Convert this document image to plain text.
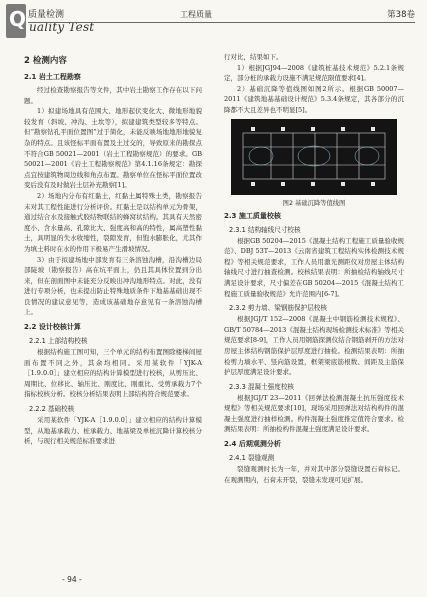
Q 质量检测
uality Test
工程质量	第38卷
2 检测内容
2.1 岩土工程勘察

经过检查勘察报告等文件，其中岩土勘察工作存在以下问题。

1）拟建场地具有范围大、地形起伏变化大、微地形地貌较发育（斜坡、冲沟、土坎等），拟建建筑类型较多等特点。但“勘察钻孔平面位置图”过于简化，未能反映场地地形地貌复杂的特点。且该怪标平面布置及土过交的，导致原来的勘探点不符合GB 50021—2001（岩土工程勘察规范）的要求。GB 50021—2001《岩土工程勘察规范》第4.1.16条规定：勘探点宜按建筑物周边线和角点布置。勘察单位在怪标平面位置改变后没有及时做岩土层补充勘察[1]。

2）场地内分布有红黏土，红黏土属特殊土类，勘察报告未对其工程性能进行分析评价。红黏土是以结构单元为骨架，通过结合水及接触式胶结物联结的蜂窝状结构。其具有天然密度小、含水量高、孔隙比大、强度高和高的特性，属高塑性黏土，具明显的失水收缩性，裂隙发育，但饱水膨胀化，尤其作为填土料时在水的作用下极易产生滑坡情况。

3）由于拟建场地中部发育有三条溶蚀沟槽，沿沟槽边局部陡坡（勘察报告）高在坑平面上，仍且其具体位置到分出来，但在剖面图中未能充分反映出冲沟地形特点。对此，没有进行专项分析，也未提出防止特殊地质条件下地基基础出现不良情况的建议意见等，造成该基础地存意见有一条溶蚀沟槽上。

2.2 设计校核计算
2.2.1 上部结构校核

根据结构施工图可知，三个单元的结构布置图除楼梯间屋面布置不同之外，其余均相同。采用某软件「YJK-A［1.9.0.0］」建立相应的结构计算模型进行校核，从剪压比、周期比、位移比、轴压比、刚度比、刚重比、受剪承载力7个指标校核分析。校核分析结果表明上部结构符合规范要求。

2.2.2 基础校核

采用某软件「YJK-A［1.9.0.0］」建立相应的结构计算模型，从地基承载力、桩承载力、地基梁及单桩沉降计算校核分析，与现行相关规范标准要求进

行对比，结果如下。

1）根据JGJ94—2008《建筑桩基技术规范》5.2.1条规定，部分桩的承载力设施不满足规范限值要求[4]。

2）基础沉降等值线图如图2所示。根据GB 50007—2011《建筑地基基础设计规范》5.3.4条规定，其各部分的沉降都不大且差异也不明显[5]。

图2 基础沉降等值线图
2.3 施工质量校核
2.3.1 结构轴线尺寸校核

根据GB 50204—2015《混凝土结构工程施工质量验收规范》、DBJ 53T—2013《云南省建筑工程结构实体检测技术规程》等相关规范要求，工作人员用激光测距仪对房屋主体结构轴线尺寸进行抽查检测。校核结果表明：所抽检结构轴线尺寸满足设计要求，尺寸偏差在GB 50204—2015《混凝土结构工程施工质量验收规范》允许范围内[6-7]。

2.3.2 剪力墙、梁钢筋保护层校核

根据JGJ/T 152—2008《混凝土中钢筋检测技术规程》、GB/T 50784—2013《混凝土结构现场检测技术标准》等相关规范要求[8-9]，工作人员用钢筋探测仪结合钢筋剥开的方法对房屋主体结构钢筋保护层厚度进行抽检。检测结果表明：所抽检剪力墙水平、竖向筋设置，框架梁底筋根数、间距及主筋保护层厚度满足设计要求。

2.3.3 混凝土强度校核

根据JGJ/T 23—2011《回弹法检测混凝土抗压强度技术规程》等相关规范要求[10]，现场采用回弹法对结构构件的混凝土强度进行抽样检测。构件混凝土强度推定值符合要求。检测结果表明：所抽检构件混凝土强度满足设计要求。

2.4 后期观测分析
2.4.1 裂缝观测

裂缝观测时长为一年，并对其中部分裂缝设置石膏标记。在观测期内，石膏未开裂，裂缝未发现可见扩展。

- 94 -
